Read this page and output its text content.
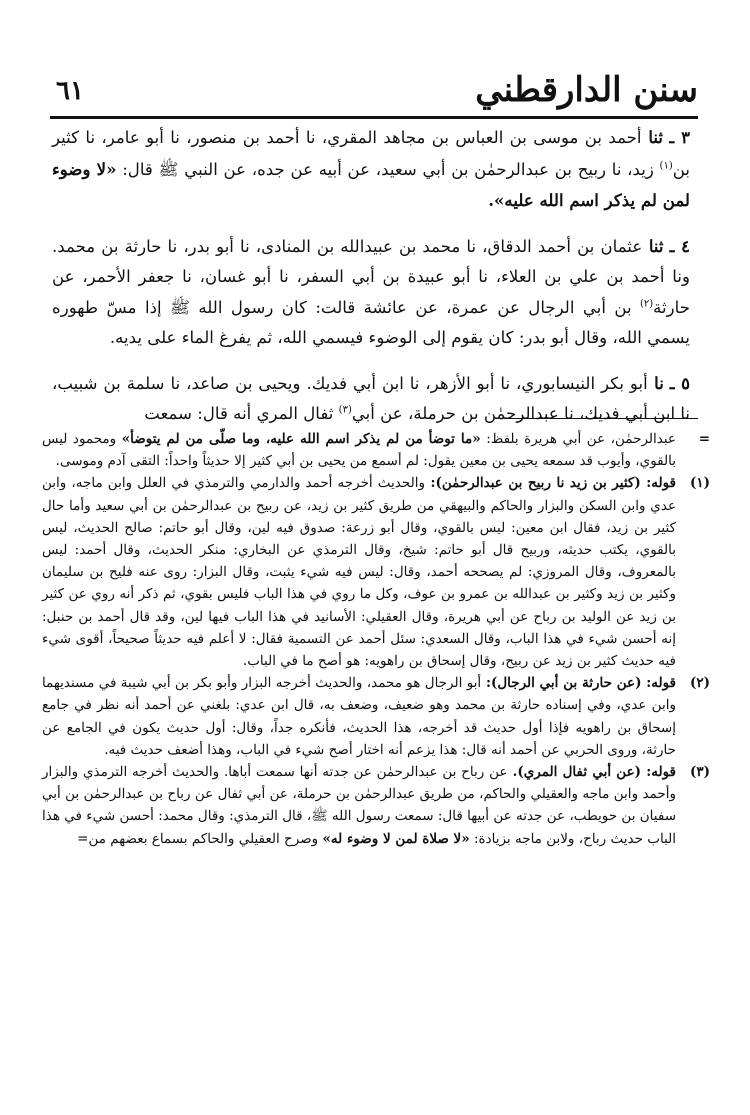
٦١	سنن الدارقطني

٣ ـ ثنا أحمد بن موسى بن العباس بن مجاهد المقري، نا أحمد بن منصور، نا أبو عامر، نا كثير بن$^{(١)}$ زيد، نا ربيح بن عبدالرحمٰن بن أبي سعيد، عن أبيه عن جده، عن النبي ﷺ قال: «لا وضوء لمن لم يذكر اسم الله عليه».

٤ ـ ثنا عثمان بن أحمد الدقاق، نا محمد بن عبيدالله بن المنادى، نا أبو بدر، نا حارثة بن محمد. ونا أحمد بن علي بن العلاء، نا أبو عبيدة بن أبي السفر، نا أبو غسان، نا جعفر الأحمر، عن حارثة$^{(٢)}$ بن أبي الرجال عن عمرة، عن عائشة قالت: كان رسول الله ﷺ إذا مسّ طهوره يسمي الله، وقال أبو بدر: كان يقوم إلى الوضوء فيسمي الله، ثم يفرغ الماء على يديه.

٥ ـ نا أبو بكر النيسابوري، نا أبو الأزهر، نا ابن أبي فديك. ويحيى بن صاعد، نا سلمة بن شبيب، نا ابن أبي فديك، نا عبدالرحمٰن بن حرملة، عن أبي$^{(٣)}$ ثفال المري أنه قال: سمعت

=
عبدالرحمٰن، عن أبي هريرة بلفظ: «ما توضأ من لم يذكر اسم الله عليه، وما صلّى من لم يتوضأ» ومحمود ليس بالقوي، وأيوب قد سمعه يحيى بن معين يقول: لم أسمع من يحيى بن أبي كثير إلا حديثاً واحداً: التقى آدم وموسى.
(١)
قوله: (كثير بن زيد نا ربيح بن عبدالرحمٰن): والحديث أخرجه أحمد والدارمي والترمذي في العلل وابن ماجه، وابن عدي وابن السكن والبزار والحاكم والبيهقي من طريق كثير بن زيد، عن ربيح بن عبدالرحمٰن بن أبي سعيد وأما حال كثير بن زيد، فقال ابن معين: ليس بالقوي، وقال أبو زرعة: صدوق فيه لين، وقال أبو حاتم: صالح الحديث، ليس بالقوي، يكتب حديثه، وربيح قال أبو حاتم: شيخ، وقال الترمذي عن البخاري: منكر الحديث، وقال أحمد: ليس بالمعروف، وقال المروزي: لم يصححه أحمد، وقال: ليس فيه شيء يثبت، وقال البزار: روى عنه فليح بن سليمان وكثير بن زيد وكثير بن عبدالله بن عمرو بن عوف، وكل ما روي في هذا الباب فليس بقوي، ثم ذكر أنه روي عن كثير بن زيد عن الوليد بن رباح عن أبي هريرة، وقال العقيلي: الأسانيد في هذا الباب فيها لين، وقد قال أحمد بن حنبل: إنه أحسن شيء في هذا الباب، وقال السعدي: سئل أحمد عن التسمية فقال: لا أعلم فيه حديثاً صحيحاً، أقوى شيء فيه حديث كثير بن زيد عن ربيح، وقال إسحاق بن راهويه: هو أصح ما في الباب.
(٢)
قوله: (عن حارثة بن أبي الرجال): أبو الرجال هو محمد، والحديث أخرجه البزار وأبو بكر بن أبي شيبة في مسنديهما وابن عدي، وفي إسناده حارثة بن محمد وهو ضعيف، وضعف به، قال ابن عدي: بلغني عن أحمد أنه نظر في جامع إسحاق بن راهويه فإذا أول حديث قد أخرجه، هذا الحديث، فأنكره جداً، وقال: أول حديث يكون في الجامع عن حارثة، وروى الحربي عن أحمد أنه قال: هذا يزعم أنه اختار أصح شيء في الباب، وهذا أضعف حديث فيه.
(٣)
قوله: (عن أبي ثفال المري). عن رباح بن عبدالرحمٰن عن جدته أنها سمعت أباها. والحديث أخرجه الترمذي والبزار وأحمد وابن ماجه والعقيلي والحاكم، من طريق عبدالرحمٰن بن حرملة، عن أبي ثفال عن رباح بن عبدالرحمٰن بن أبي سفيان بن حويطب، عن جدته عن أبيها قال: سمعت رسول الله ﷺ، قال الترمذي: وقال محمد: أحسن شيء في هذا الباب حديث رباح، ولابن ماجه بزيادة: «لا صلاة لمن لا وضوء له» وصرح العقيلي والحاكم بسماع بعضهم من=
